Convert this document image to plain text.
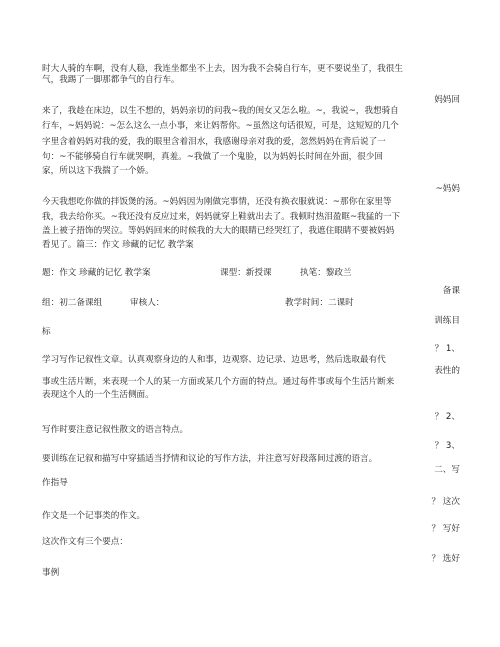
时大人骑的车啊，没有人稳，我连坐都坐不上去，因为我不会骑自行车，更不要说坐了，我很生
气，我踢了一脚那都争气的自行车。
妈妈回
来了，我趁在床边，以生不想的，妈妈亲切的问我~我的闺女又怎么啦。~，我说~，我想骑自
行车，~妈妈说：~怎么这么一点小事，来让妈帮你。~虽然这句话很短，可是，这短短的几个
字里含着妈妈对我的爱，我的眼里含着泪水，我感谢母亲对我的爱，忽然妈妈在背后说了一
句：~不能够骑自行车就哭啊，真羞。~我做了一个鬼脸，以为妈妈长时间在外面，很少回
家，所以这下我揣了一个娇。
~妈妈
今天我想吃你做的拌饭煲的汤。~妈妈因为刚做完事情，还没有换衣服就说：~那你在家里等
我，我去给你买。~我还没有反应过来，妈妈就穿上鞋就出去了。我顿时热泪盈眶~我猛的一下
盖上被子捂饰的哭泣。等妈妈回来的时候我的大大的眼睛已经哭红了，我遮住眼睛不要被妈妈
看见了。篇三：作文 珍藏的记忆 教学案
题：作文 珍藏的记忆 教学案	课型：新授课	执笔：黎政兰
备课
组：初二备课组	审核人：	教学时间：二课时
训练目
标
？ 1、
学习写作记叙性文章。认真观察身边的人和事，边观察、边记录、边思考，然后选取最有代
表性的
事或生活片断，来表现一个人的某一方面或某几个方面的特点。通过每件事或每个生活片断来
表现这个人的一个生活侧面。
？ 2、
写作时要注意记叙性散文的语言特点。
？ 3、
要训练在记叙和描写中穿插适当抒情和议论的写作方法，并注意写好段落间过渡的语言。
二、写
作指导
？ 这次
作文是一个记事类的作文。
？ 写好
这次作文有三个要点：
？ 选好
事例
